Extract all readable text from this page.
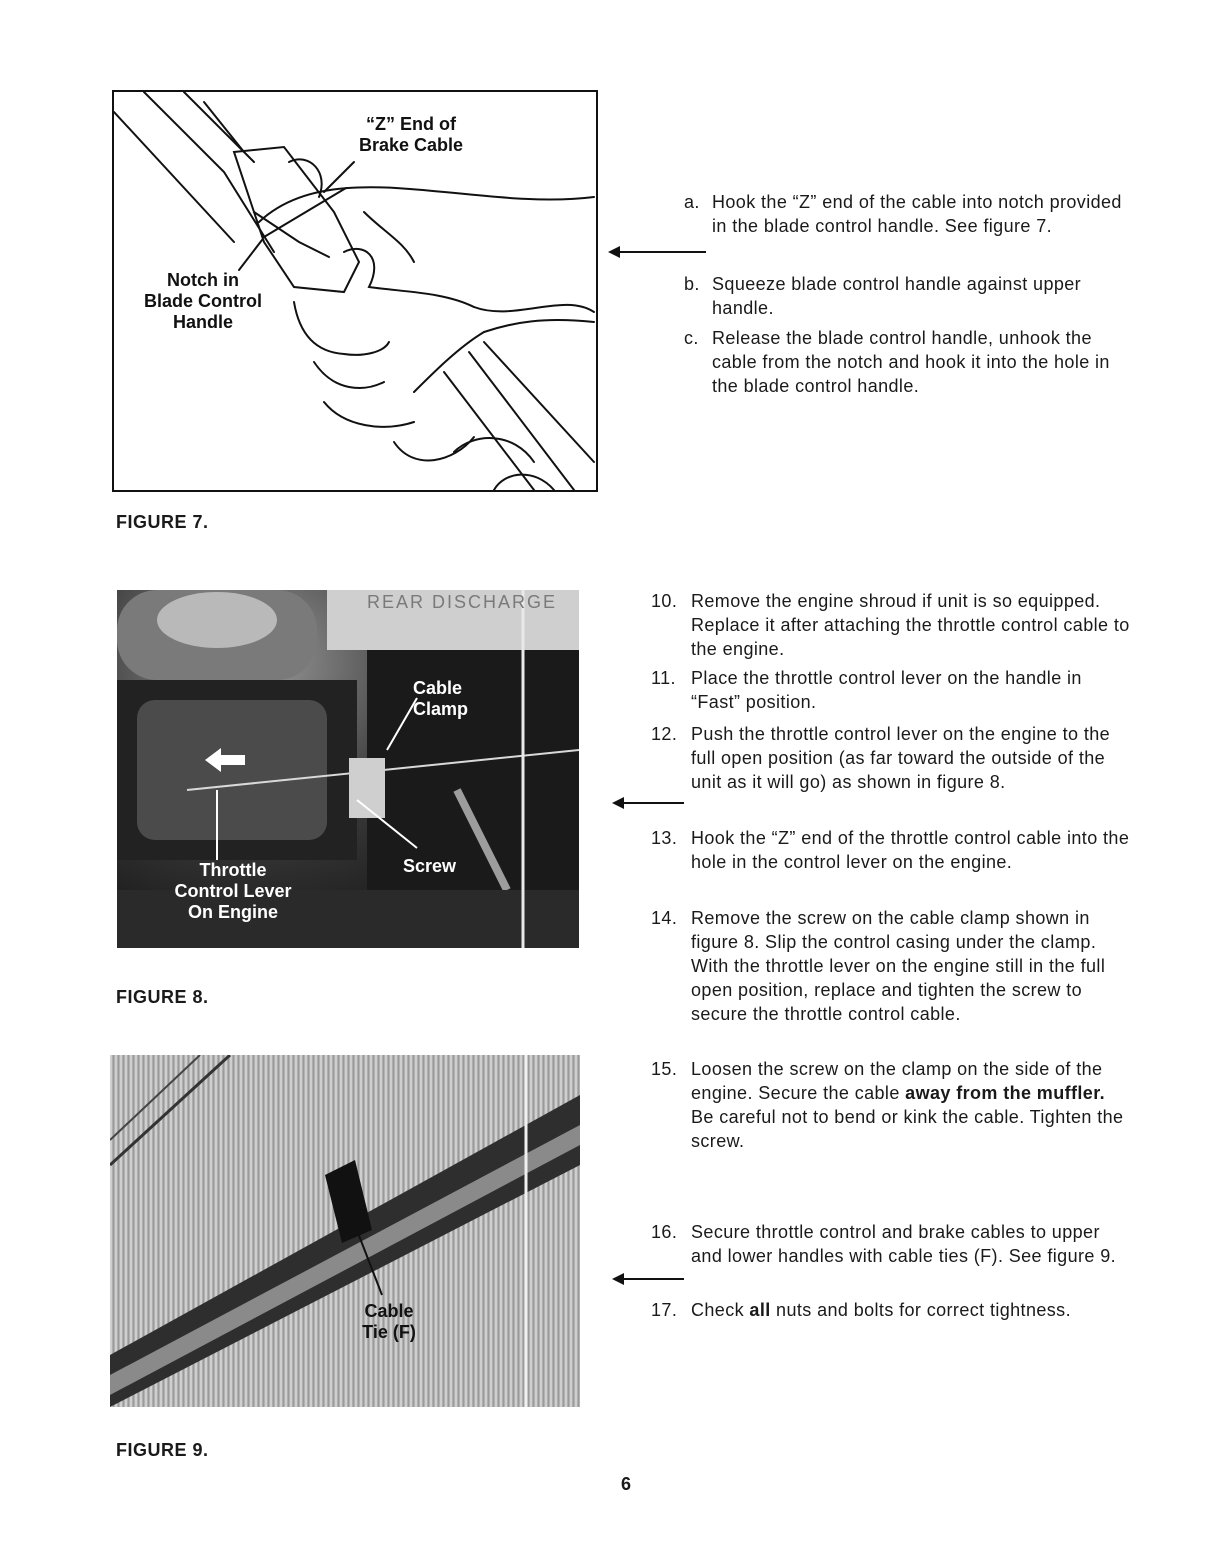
“Z” End of
Brake Cable
Notch in
Blade Control
Handle
FIGURE 7.
REAR DISCHARGE
Cable
Clamp
Screw
Throttle
Control Lever
On Engine
FIGURE 8.
Cable
Tie (F)
FIGURE 9.
a. Hook the “Z” end of the cable into notch provided in the blade control handle. See figure 7.
b. Squeeze blade control handle against upper handle.
c. Release the blade control handle, unhook the cable from the notch and hook it into the hole in the blade control handle.
10. Remove the engine shroud if unit is so equipped. Replace it after attaching the throttle control cable to the engine.
11. Place the throttle control lever on the handle in “Fast” position.
12. Push the throttle control lever on the engine to the full open position (as far toward the outside of the unit as it will go) as shown in figure 8.
13. Hook the “Z” end of the throttle control cable into the hole in the control lever on the engine.
14. Remove the screw on the cable clamp shown in figure 8. Slip the control casing under the clamp. With the throttle lever on the engine still in the full open position, replace and tighten the screw to secure the throttle control cable.
15. Loosen the screw on the clamp on the side of the engine. Secure the cable away from the muffler. Be careful not to bend or kink the cable. Tighten the screw.
16. Secure throttle control and brake cables to upper and lower handles with cable ties (F). See figure 9.
17. Check all nuts and bolts for correct tightness.
6
